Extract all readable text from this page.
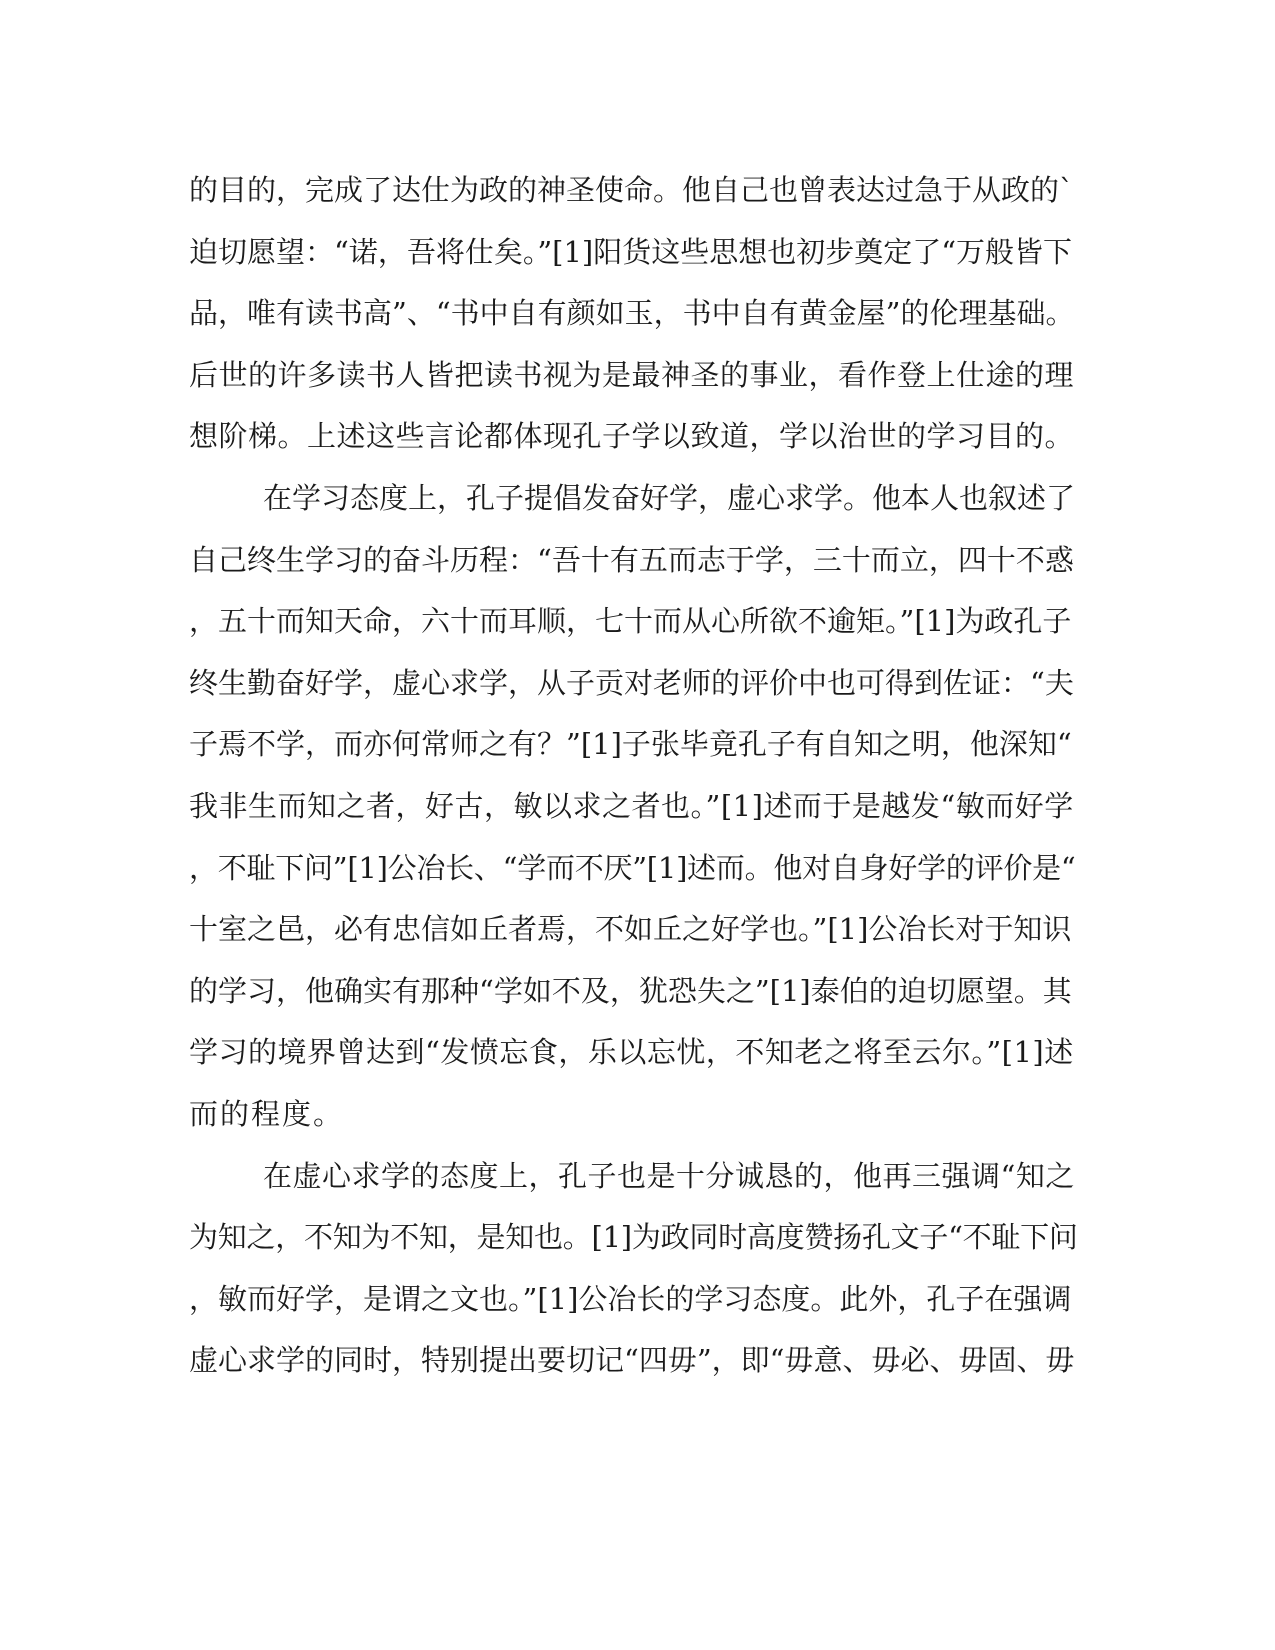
的目的，完成了达仕为政的神圣使命。他自己也曾表达过急于从政的`
迫切愿望：“诺，吾将仕矣。”[1]阳货这些思想也初步奠定了“万般皆下
品，唯有读书高”、“书中自有颜如玉，书中自有黄金屋”的伦理基础。
后世的许多读书人皆把读书视为是最神圣的事业，看作登上仕途的理
想阶梯。上述这些言论都体现孔子学以致道，学以治世的学习目的。
在学习态度上，孔子提倡发奋好学，虚心求学。他本人也叙述了
自己终生学习的奋斗历程：“吾十有五而志于学，三十而立，四十不惑
，五十而知天命，六十而耳顺，七十而从心所欲不逾矩。”[1]为政孔子
终生勤奋好学，虚心求学，从子贡对老师的评价中也可得到佐证：“夫
子焉不学，而亦何常师之有？”[1]子张毕竟孔子有自知之明，他深知“
我非生而知之者，好古，敏以求之者也。”[1]述而于是越发“敏而好学
，不耻下问”[1]公冶长、“学而不厌”[1]述而。他对自身好学的评价是“
十室之邑，必有忠信如丘者焉，不如丘之好学也。”[1]公冶长对于知识
的学习，他确实有那种“学如不及，犹恐失之”[1]泰伯的迫切愿望。其
学习的境界曾达到“发愤忘食，乐以忘忧，不知老之将至云尔。”[1]述
而的程度。
在虚心求学的态度上，孔子也是十分诚恳的，他再三强调“知之
为知之，不知为不知，是知也。[1]为政同时高度赞扬孔文子“不耻下问
，敏而好学，是谓之文也。”[1]公冶长的学习态度。此外，孔子在强调
虚心求学的同时，特别提出要切记“四毋”，即“毋意、毋必、毋固、毋
